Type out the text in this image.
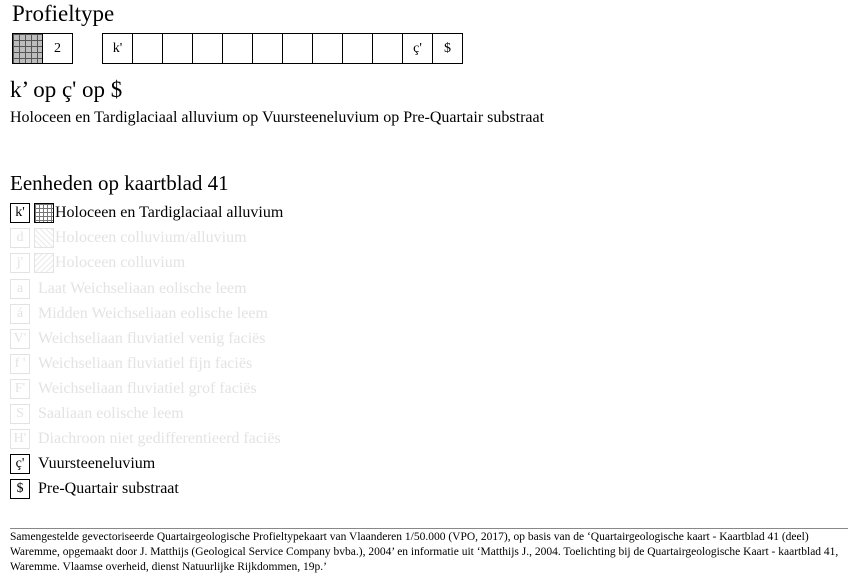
Profieltype
2	k'	ç'	$
k’ op ç' op $
Holoceen en Tardiglaciaal alluvium op Vuursteeneluvium op Pre-Quartair substraat
Eenheden op kaartblad 41
k'	Holoceen en Tardiglaciaal alluvium
d	Holoceen colluvium/alluvium
j'	Holoceen colluvium
a Laat Weichseliaan eolische leem
á Midden Weichseliaan eolische leem
V' Weichseliaan fluviatiel venig faciës
f ' Weichseliaan fluviatiel fijn faciës
F' Weichseliaan fluviatiel grof faciës
S Saaliaan eolische leem
H' Diachroon niet gedifferentieerd faciës
ç' Vuursteeneluvium
$ Pre-Quartair substraat
Samengestelde gevectoriseerde Quartairgeologische Profieltypekaart van Vlaanderen 1/50.000 (VPO, 2017), op basis van de ‘Quartairgeologische kaart - Kaartblad 41 (deel) Waremme, opgemaakt door J. Matthijs (Geological Service Company bvba.), 2004’ en informatie uit ‘Matthijs J., 2004. Toelichting bij de Quartairgeologische Kaart - kaartblad 41, Waremme. Vlaamse overheid, dienst Natuurlijke Rijkdommen, 19p.’
